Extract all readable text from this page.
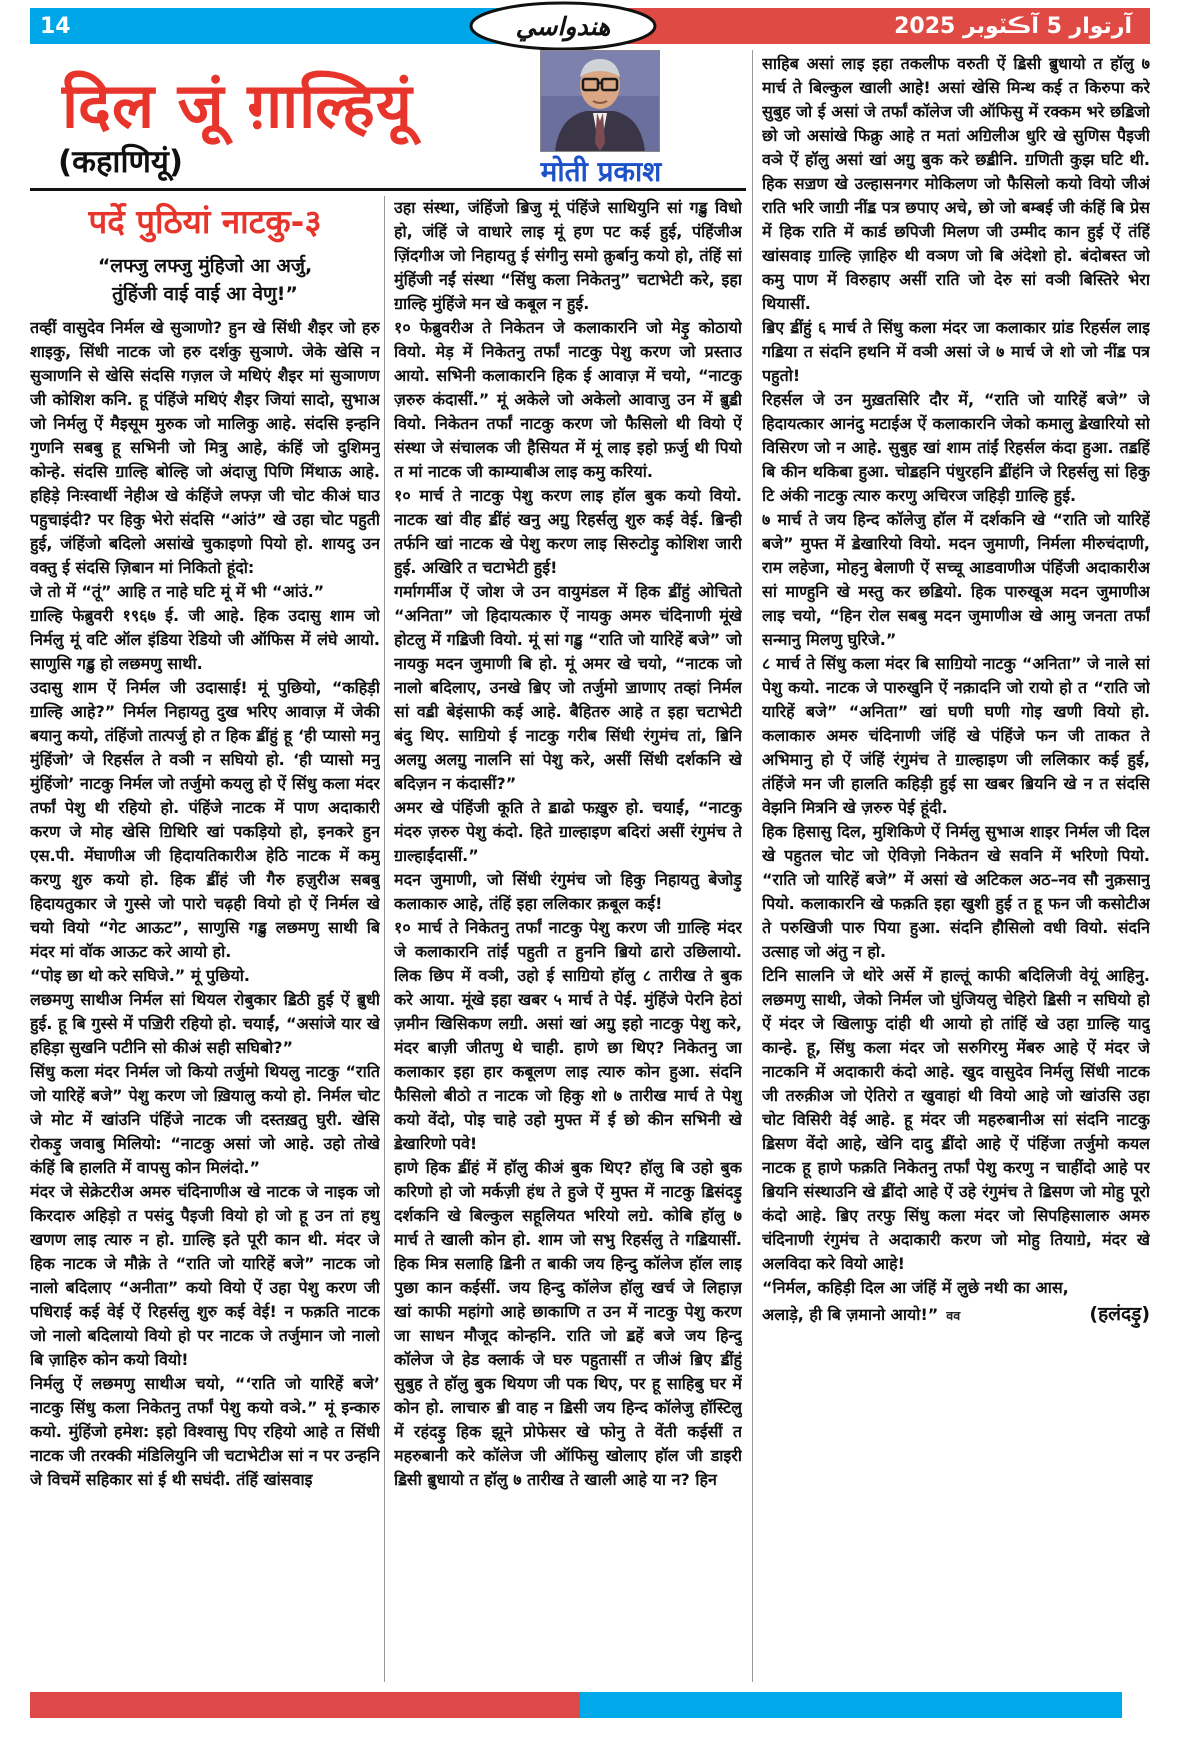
14	آرتوار 5 آڪٽوبر 2025
هندواسي
दिल जूं ग़ाल्हियूं
(कहाणियूं)	मोती प्रकाश
पर्दे पुठियां नाटकु-३
“लफ्जु लफ्जु मुंहिजो आ अर्जु,
तुंहिंजी वाई वाई आ वेणु!”

तव्हीं वासुदेव निर्मल खे सुञाणो? हुन खे सिंधी शैइर जो हरु शाइकु, सिंधी नाटक जो हरु दर्शकु सुञाणे. जेके खेसि न सुञाणनि से खेसि संदसि गज़ल जे मथिएं शैइर मां सुञाणण जी कोशिश कनि. हू पंहिंजे मथिएं शैइर जियां सादो, सुभाअ जो निर्मलु ऐं मैइसूम मुरुक जो मालिकु आहे. संदसि इन्हनि गुणनि सबबु हू सभिनी जो मित्रु आहे, कंहिं जो दुशिमनु कोन्हे. संदसि ॻाल्हि बोल्हि जो अंदाज़ु पिणि मिंथाऊ आहे. हहिड़े निःस्वार्थी नेहीअ खे कंहिंजे लफ्ज़ जी चोट कीअं घाउ पहुचाइंदी? पर हिकु भेरो संदसि “आंउं” खे उहा चोट पहुती हुई, जंहिंजो बदिलो असांखे चुकाइणो पियो हो. शायदु उन वक्तु ई संदसि ज़िबान मां निकितो हूंदो:

जे तो में “तूं” आहि त नाहे घटि मूं में भी “आंउं.”

ॻाल्हि फेब्रुवरी १९६७ ई. जी आहे. हिक उदासु शाम जो निर्मलु मूं वटि ऑल इंडिया रेडियो जी ऑफिस में लंघे आयो. साणुसि गॾु हो लछमणु साथी.

उदासु शाम ऐं निर्मल जी उदासाई! मूं पुछियो, “कहिड़ी ॻाल्हि आहे?” निर्मल निहायतु दुख भरिए आवाज़ में जेकी बयानु कयो, तंहिंजो तात्पर्जु हो त हिक ॾींहुं हू ‘ही प्यासो मनु मुंहिंजो’ जे रिहर्सल ते वञी न सघियो हो. ‘ही प्यासो मनु मुंहिंजो’ नाटकु निर्मल जो तर्जुमो कयलु हो ऐं सिंधु कला मंदर तर्फां पेशु थी रहियो हो. पंहिंजे नाटक में पाण अदाकारी करण जे मोह खेसि ॻिथिरि खां पकड़ियो हो, इनकरे हुन एस.पी. मेंघाणीअ जी हिदायतिकारीअ हेठि नाटक में कमु करणु शुरु कयो हो. हिक ॾींहं जी गैरु हज़ुरीअ सबबु हिदायतुकार जे गुस्से जो पारो चढ़ही वियो हो ऐं निर्मल खे चयो वियो “गेट आऊट”, साणुसि गॾु लछमणु साथी बि मंदर मां वॉक आऊट करे आयो हो.

“पोइ छा थो करे सघिजे.” मूं पुछियो.

लछमणु साथीअ निर्मल सां थियल रोबुकार ॾिठी हुई ऐं ॿुधी हुई. हू बि गुस्से में पॼिरी रहियो हो. चयाईं, “असांजे यार खे हहिड़ा सुखनि पटीनि सो कीअं सही सघिबो?”

सिंधु कला मंदर निर्मल जो कियो तर्जुमो थियलु नाटकु “राति जो यारिहें बजे” पेशु करण जो ख़ियालु कयो हो. निर्मल चोट जे मोट में खांउनि पंहिंजे नाटक जी दस्तख़तु घुरी. खेसि रोकड़ु जवाबु मिलियो: “नाटकु असां जो आहे. उहो तोखे कंहिं बि हालति में वापसु कोन मिलंदो.”

मंदर जे सेक्रेटरीअ अमरु चंदिनाणीअ खे नाटक जे नाइक जो किरदारु अहिड़ो त पसंदु पैइजी वियो हो जो हू उन तां हथु खणण लाइ त्यारु न हो. ॻाल्हि इते पूरी कान थी. मंदर जे हिक नाटक जे मौक़े ते “राति जो यारिहें बजे” नाटक जो नालो बदिलाए “अनीता” कयो वियो ऐं उहा पेशु करण जी पधिराई कई वेई ऐं रिहर्सलु शुरु कई वेई! न फक़ति नाटक जो नालो बदिलायो वियो हो पर नाटक जे तर्जुमान जो नालो बि ज़ाहिरु कोन कयो वियो!

निर्मलु ऐं लछमणु साथीअ चयो, “‘राति जो यारिहें बजे’ नाटकु सिंधु कला निकेतनु तर्फां पेशु कयो वञे.” मूं इन्कारु कयो. मुंहिंजो हमेश: इहो विश्वासु पिए रहियो आहे त सिंधी नाटक जी तरक्की मंडिलियुनि जी चटाभेटीअ सां न पर उन्हनि जे विचमें सहिकार सां ई थी सघंदी. तंहिं खांसवाइ

उहा संस्था, जंहिंजो ॿिजु मूं पंहिंजे साथियुनि सां गॾु विधो हो, जंहिं जे वाधारे लाइ मूं हण पट कई हुई, पंहिंजीअ ज़िंदगीअ जो निहायतु ई संगीनु समो क़ुर्बानु कयो हो, तंहिं सां मुंहिंजी नईं संस्था “सिंधु कला निकेतनु” चटाभेटी करे, इहा ॻाल्हि मुंहिंजे मन खे कबूल न हुई.

१० फेब्रुवरीअ ते निकेतन जे कलाकारनि जो मेड़ु कोठायो वियो. मेड़ में निकेतनु तर्फां नाटकु पेशु करण जो प्रस्ताउ आयो. सभिनी कलाकारनि हिक ई आवाज़ में चयो, “नाटकु ज़रुरु कंदासीं.” मूं अकेले जो अकेलो आवाजु उन में ॿुॾी वियो. निकेतन तर्फां नाटकु करण जो फैसिलो थी वियो ऐं संस्था जे संचालक जी हैसियत में मूं लाइ इहो फ़र्जु थी पियो त मां नाटक जी काम्याबीअ लाइ कमु करियां.

१० मार्च ते नाटकु पेशु करण लाइ हॉल बुक कयो वियो. नाटक खां वीह ॾींहं खनु अॻु रिहर्सलु शुरु कई वेई. ॿिन्ही तर्फनि खां नाटक खे पेशु करण लाइ सिरुटोड़ु कोशिश जारी हुई. अखिरि त चटाभेटी हुई!

गर्मागर्मीअ ऐं जोश जे उन वायुमंडल में हिक ॾींहुं ओचितो “अनिता” जो हिदायत्कारु ऐं नायकु अमरु चंदिनाणी मूंखे होटलु में गॾिजी वियो. मूं सां गॾु “राति जो यारिहें बजे” जो नायकु मदन जुमाणी बि हो. मूं अमर खे चयो, “नाटक जो नालो बदिलाए, उनखे ॿिए जो तर्जुमो ॼाणाए तव्हां निर्मल सां वॾी बेइंसाफी कई आहे. बैहितरु आहे त इहा चटाभेटी बंदु थिए. साॻियो ई नाटकु गरीब सिंधी रंगुमंच तां, ॿिनि अलॻु अलॻु नालनि सां पेशु करे, असीं सिंधी दर्शकनि खे बदिज़न न कंदासीं?”

अमर खे पंहिंजी कूति ते ॾाढो फख़ुरु हो. चयाईं, “नाटकु मंदरु ज़रुरु पेशु कंदो. हिते ॻाल्हाइण बदिरां असीं रंगुमंच ते ॻाल्हाईंदासीं.”

मदन जुमाणी, जो सिंधी रंगुमंच जो हिकु निहायतु बेजोड़ु कलाकारु आहे, तंहिं इहा ललिकार क़बूल कई!

१० मार्च ते निकेतनु तर्फां नाटकु पेशु करण जी ॻाल्हि मंदर जे कलाकारनि तांईं पहुती त हुननि ॿियो ढारो उछिलायो. लिक छिप में वञी, उहो ई साॻियो हॉलु ८ तारीख ते बुक करे आया. मूंखे इहा खबर ५ मार्च ते पेई. मुंहिंजे पेरनि हेठां ज़मीन खिसिकण लॻी. असां खां अॻु इहो नाटकु पेशु करे, मंदर बाज़ी जीतणु थे चाही. हाणे छा थिए? निकेतनु जा कलाकार इहा हार कबूलण लाइ त्यारु कोन हुआ. संदनि फैसिलो बीठो त नाटक जो हिकु शो ७ तारीख मार्च ते पेशु कयो वेंदो, पोइ चाहे उहो मुफ्त में ई छो कीन सभिनी खे ॾेखारिणो पवे!

हाणे हिक ॾींहं में हॉलु कीअं बुक थिए? हॉलु बि उहो बुक करिणो हो जो मर्कज़ी हंध ते हुजे ऐं मुफ्त में नाटकु ॾिसंदड़ु दर्शकनि खे बिल्कुल सहूलियत भरियो लॻे. कोबि हॉलु ७ मार्च ते खाली कोन हो. शाम जो सभु रिहर्सलु ते गॾियासीं. हिक मित्र सलाहि ॾिनी त बाकी जय हिन्दु कॉलेज हॉल लाइ पुछा कान कईसीं. जय हिन्दु कॉलेज हॉलु खर्च जे लिहाज़ खां काफी महांगो आहे छाकाणि त उन में नाटकु पेशु करण जा साधन मौजूद कोन्हनि. राति जो ॾहें बजे जय हिन्दु कॉलेज जे हेड क्लार्क जे घरु पहुतासीं त जीअं ॿिए ॾींहुं सुबुह ते हॉलु बुक थियण जी पक थिए, पर हू साहिबु घर में कोन हो. लाचारु ॿी वाह न ॾिसी जय हिन्द कॉलेजु हॉस्टिलु में रहंदड़ु हिक झूने प्रोफेसर खे फोनु ते वेंती कईसीं त महरुबानी करे कॉलेज जी ऑफिसु खोलाए हॉल जी डाइरी ॾिसी ॿुधायो त हॉलु ७ तारीख ते खाली आहे या न? हिन

साहिब असां लाइ इहा तकलीफ वरुती ऐं ॾिसी ॿुधायो त हॉलु ७ मार्च ते बिल्कुल खाली आहे! असां खेसि मिन्थ कई त किरुपा करे सुबुह जो ई असां जे तर्फां कॉलेज जी ऑफिसु में रक्कम भरे छॾिजो छो जो असांखे फिक्रु आहे त मतां अॻिलीअ धुरि खे सुणिस पैइजी वञे ऐं हॉलु असां खां अॻु बुक करे छॾीनि. ॻणिती कुझ घटि थी. हिक सॼण खे उल्हासनगर मोकिलण जो फैसिलो कयो वियो जीअं राति भरि जाॻी नींॾ पत्र छपाए अचे, छो जो बम्बई जी कंहिं बि प्रेस में हिक राति में कार्ड छपिजी मिलण जी उम्मीद कान हुई ऐं तंहिं खांसवाइ ॻाल्हि ज़ाहिरु थी वञण जो बि अंदेशो हो. बंदोबस्त जो कमु पाण में विरुहाए असीं राति जो देरु सां वञी बिस्तिरे भेरा थियासीं.

ॿिए ॾींहुं ६ मार्च ते सिंधु कला मंदर जा कलाकार ग्रांड रिहर्सल लाइ गॾिया त संदनि हथनि में वञी असां जे ७ मार्च जे शो जो नींॾ पत्र पहुतो!

रिहर्सल जे उन मुख़तसिरि दौर में, “राति जो यारिहें बजे” जे हिदायत्कार आनंदु मटाईअ ऐं कलाकारनि जेको कमालु ॾेखारियो सो विसिरण जो न आहे. सुबुह खां शाम तांईं रिहर्सल कंदा हुआ. तॾहिं बि कीन थकिबा हुआ. चोॾहनि पंधुरहनि ॾींहंनि जे रिहर्सलु सां हिकु टि अंकी नाटकु त्यारु करणु अचिरज जहिड़ी ॻाल्हि हुई.

७ मार्च ते जय हिन्द कॉलेजु हॉल में दर्शकनि खे “राति जो यारिहें बजे” मुफ्त में ॾेखारियो वियो. मदन जुमाणी, निर्मला मीरुचंदाणी, राम लहेजा, मोहनु बेलाणी ऐं सच्चू आडवाणीअ पंहिंजी अदाकारीअ सां माण्हुनि खे मस्तु कर छॾियो. हिक पारुखूअ मदन जुमाणीअ लाइ चयो, “हिन रोल सबबु मदन जुमाणीअ खे आमु जनता तर्फां सन्मानु मिलणु घुरिजे.”

८ मार्च ते सिंधु कला मंदर बि साॻियो नाटकु “अनिता” जे नाले सां पेशु कयो. नाटक जे पारुखुनि ऐं नक़ादनि जो रायो हो त “राति जो यारिहें बजे” “अनिता” खां घणी घणी गोइ खणी वियो हो. कलाकारु अमरु चंदिनाणी जंहिं खे पंहिंजे फन जी ताकत ते अभिमानु हो ऐं जंहिं रंगुमंच ते ॻाल्हाइण जी ललिकार कई हुई, तंहिंजे मन जी हालति कहिड़ी हुई सा खबर ॿियनि खे न त संदसि वेझनि मित्रनि खे ज़रुरु पेई हूंदी.

हिक हिसासु दिल, मुशिकिणे ऐं निर्मलु सुभाअ शाइर निर्मल जी दिल खे पहुतल चोट जो ऐविज़ो निकेतन खे सवनि में भरिणो पियो. “राति जो यारिहें बजे” में असां खे अटिकल अठ–नव सौ नुक़सानु पियो. कलाकारनि खे फक़ति इहा खुशी हुई त हू फन जी कसोटीअ ते परुखिजी पारु पिया हुआ. संदनि हौसिलो वधी वियो. संदनि उत्साह जो अंतु न हो.

टिनि सालनि जे थोरे अर्से में हाल्तूं काफी बदिलिजी वेयूं आहिनु. लछमणु साथी, जेको निर्मल जो घुंजियलु चेहिरो ॾिसी न सघियो हो ऐं मंदर जे खिलाफु दांही थी आयो हो तांहिं खे उहा ॻाल्हि यादु कान्हे. हू, सिंधु कला मंदर जो सरुगिरमु मेंबरु आहे ऐं मंदर जे नाटकनि में अदाकारी कंदो आहे. खुद वासुदेव निर्मलु सिंधी नाटक जी तरुक़ीअ जो ऐतिरो त खुवाहां थी वियो आहे जो खांउसि उहा चोट विसिरी वेई आहे. हू मंदर जी महरुबानीअ सां संदनि नाटकु ॾिसण वेंदो आहे, खेनि दादु ॾींदो आहे ऐं पंहिंजा तर्जुमो कयल नाटक हू हाणे फक़ति निकेतनु तर्फां पेशु करणु न चाहींदो आहे पर ॿियनि संस्थाउनि खे ॾींदो आहे ऐं उहे रंगुमंच ते ॾिसण जो मोहु पूरो कंदो आहे. ॿिए तरफु सिंधु कला मंदर जो सिपहिसालारु अमरु चंदिनाणी रंगुमंच ते अदाकारी करण जो मोहु तियाॻे, मंदर खे अलविदा करे वियो आहे!

“निर्मल, कहिड़ी दिल आ जंहिं में लुछे नथी का आस,

अलाड़े, ही बि ज़मानो आयो!” वव	(हलंदड़ु)
